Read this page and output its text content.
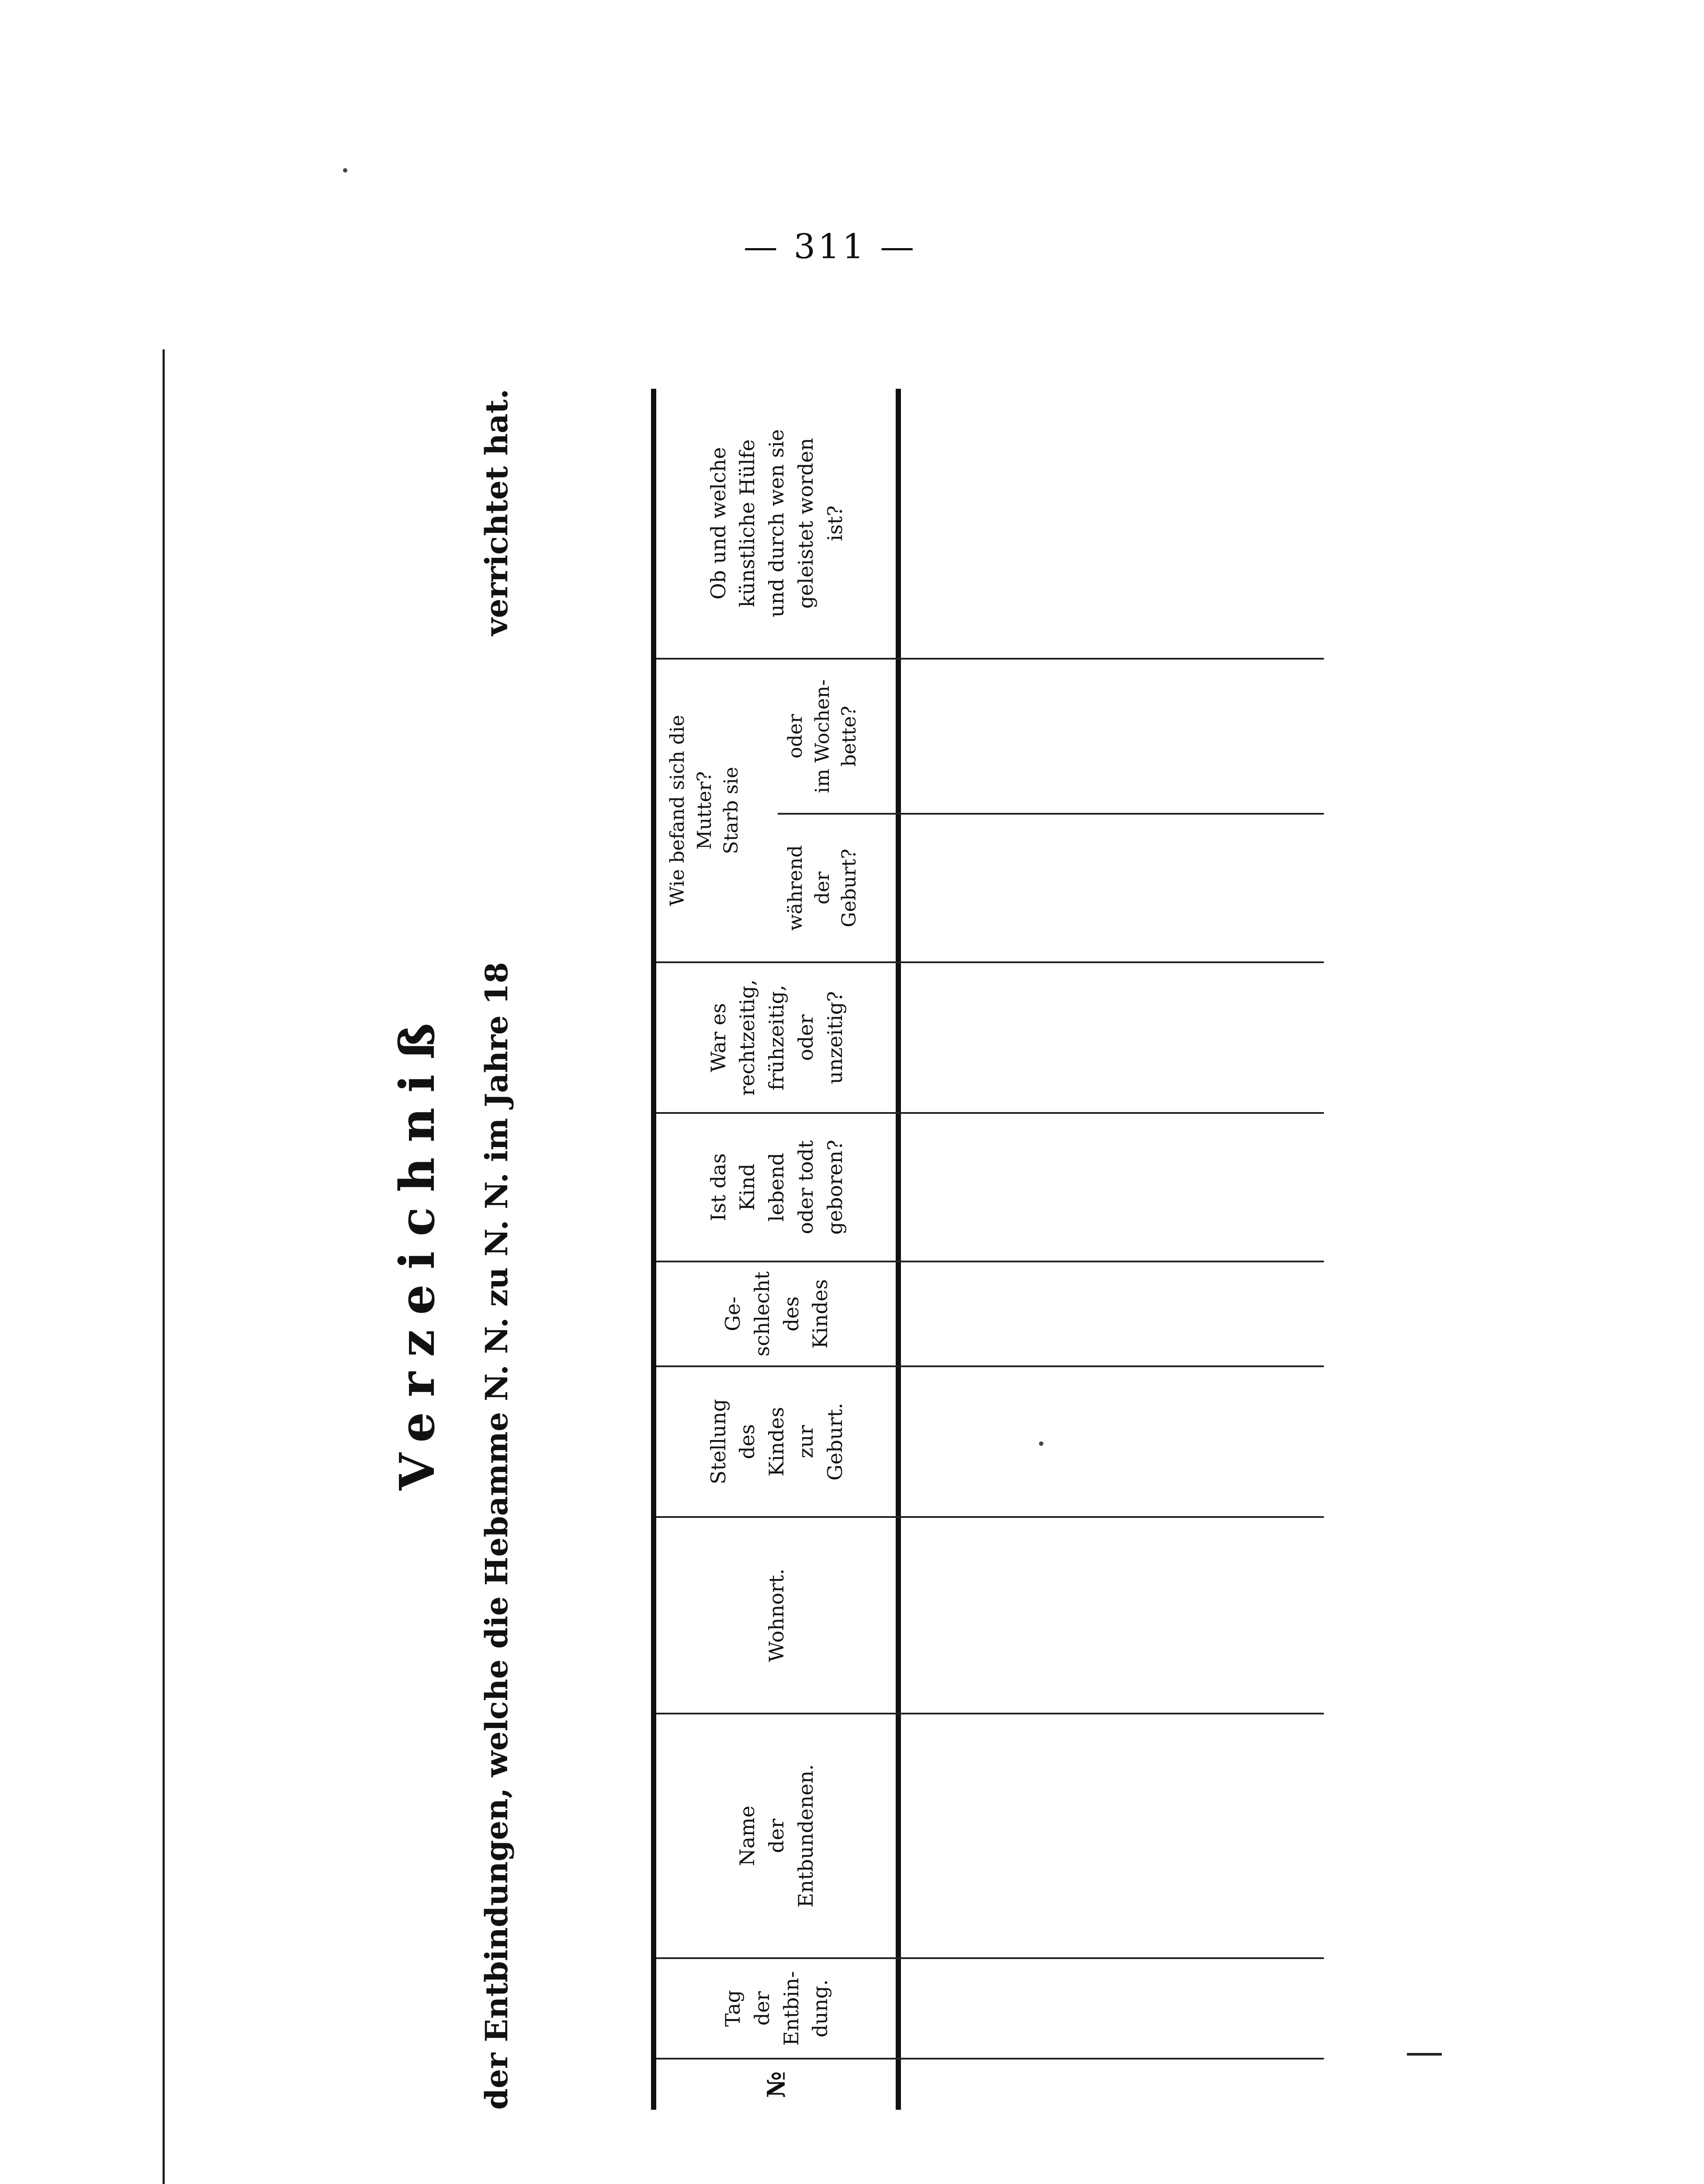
— 311 —
Verzeichniß der Entbindungen, welche die Hebamme N. N. zu N. N. im Jahre 18
verrichtet hat.
№
Tag
der
Entbin-
dung.
Name
der
Entbundenen.
Wohnort.
Stellung
des
Kindes
zur
Geburt.
Ge-
schlecht
des
Kindes
Ist das
Kind
lebend
oder todt
geboren?
War es
rechtzeitig,
frühzeitig,
oder
unzeitig?
Wie befand sich die
Mutter?
Starb sie
während
der
Geburt?
oder
im Wochen-
bette?
Ob und welche
künstliche Hülfe
und durch wen sie
geleistet worden
ist?
